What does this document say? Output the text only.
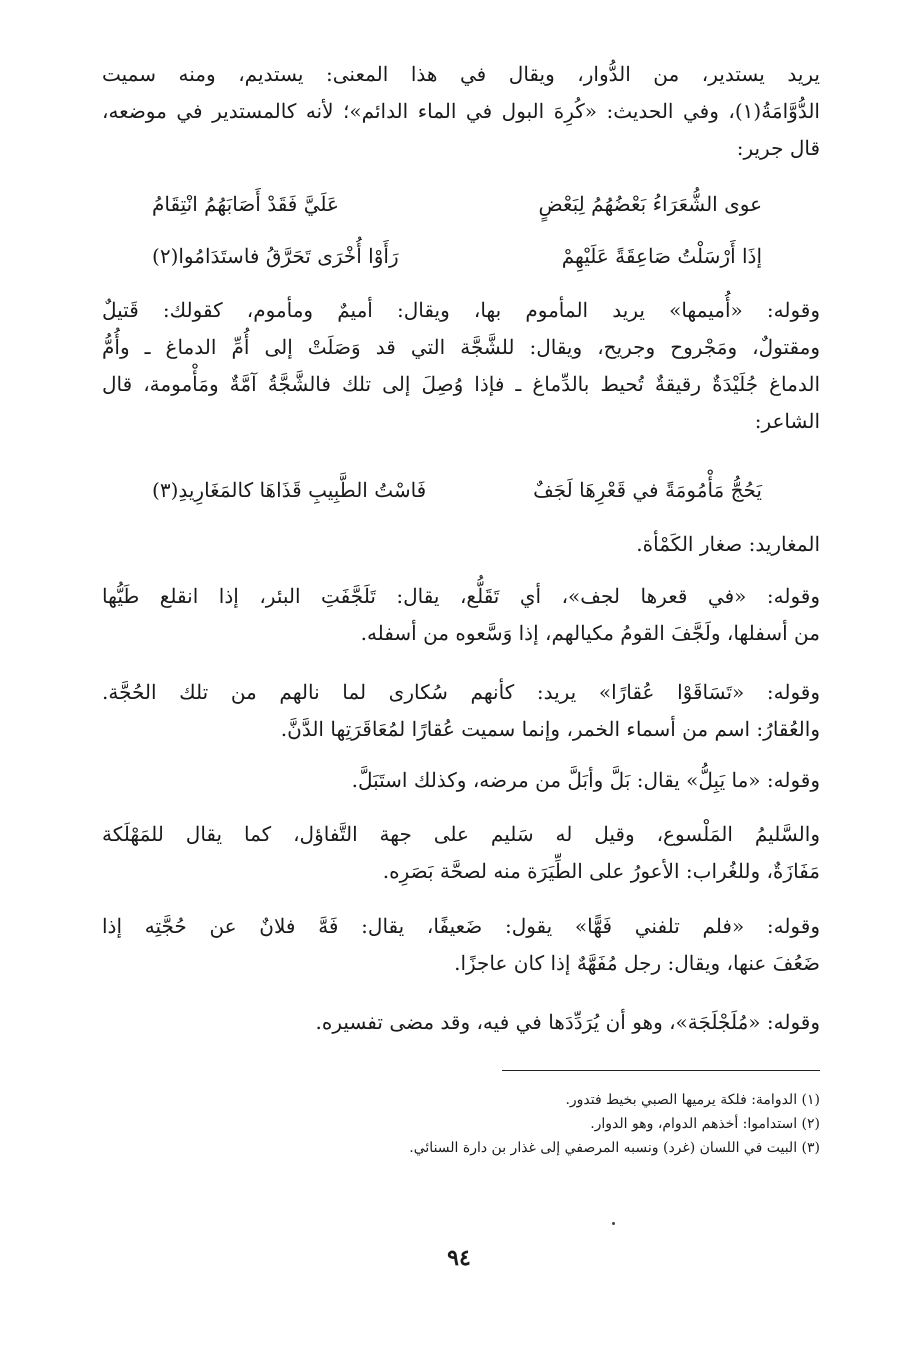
يريد يستدير، من الدُّوار، ويقال في هذا المعنى: يستديم، ومنه سميت
الدُّوَّامَةُ(١)، وفي الحديث: «كُرِهَ البول في الماء الدائم»؛ لأنه كالمستدير في موضعه،
قال جرير:
عوى الشُّعَرَاءُ بَعْضُهُمُ لِبَعْضٍ
عَلَيَّ فَقَدْ أَصَابَهُمُ انْتِقَامُ
إذَا أَرْسَلْتُ صَاعِقَةً عَلَيْهِمْ
رَأَوْا أُخْرَى تَحَرَّقُ فاستَدَامُوا(٢)
وقوله: «أُميمها» يريد المأموم بها، ويقال: أميمٌ ومأموم، كقولك: قَتيلٌ
ومقتولٌ، ومَجْروح وجريح، ويقال: للشَّجَّة التي قد وَصَلَتْ إلى أُمِّ الدماغ ـ وأُمُّ
الدماغ جُلَيْدَةٌ رقيقةٌ تُحيط بالدِّماغ ـ فإذا وُصِلَ إلى تلك فالشَّجَّةُ آمَّةٌ ومَأْمومة، قال
الشاعر:
يَحُجُّ مَأْمُومَةً في قَعْرِهَا لَجَفٌ
فَاسْتُ الطَّبِيبِ قَذَاهَا كالمَغَارِيدِ(٣)
المغاريد: صغار الكَمْأة.
وقوله: «في قعرها لجف»، أي تَقَلُّع، يقال: تَلَجَّفَتِ البئر، إذا انقلع طَيُّها
من أسفلها، ولَجَّفَ القومُ مكيالهم، إذا وَسَّعوه من أسفله.
وقوله: «تَسَاقَوْا عُقارًا» يريد: كأنهم سُكارى لما نالهم من تلك الحُجَّة.
والعُقارُ: اسم من أسماء الخمر، وإنما سميت عُقارًا لمُعَاقَرَتِها الدَّنَّ.
وقوله: «ما يَبِلُّ» يقال: بَلَّ وأبَلَّ من مرضه، وكذلك استَبَلَّ.
والسَّليمُ المَلْسوع، وقيل له سَليم على جهة التَّفاؤل، كما يقال للمَهْلَكة
مَفَازَةٌ، وللغُراب: الأعورُ على الطِّيَرَة منه لصحَّة بَصَرِه.
وقوله: «فلم تلفني فَهًّا» يقول: ضَعيفًا، يقال: فَهَّ فلانٌ عن حُجَّتِه إذا
ضَعُفَ عنها، ويقال: رجل مُفَهَّهٌ إذا كان عاجزًا.
وقوله: «مُلَجْلَجَة»، وهو أن يُرَدِّدَها في فيه، وقد مضى تفسيره.
(١) الدوامة: فلكة يرميها الصبي بخيط فتدور.
(٢) استداموا: أخذهم الدوام، وهو الدوار.
(٣) البيت في اللسان (غرد) ونسبه المرصفي إلى غذار بن دارة السنائي.
٩٤
